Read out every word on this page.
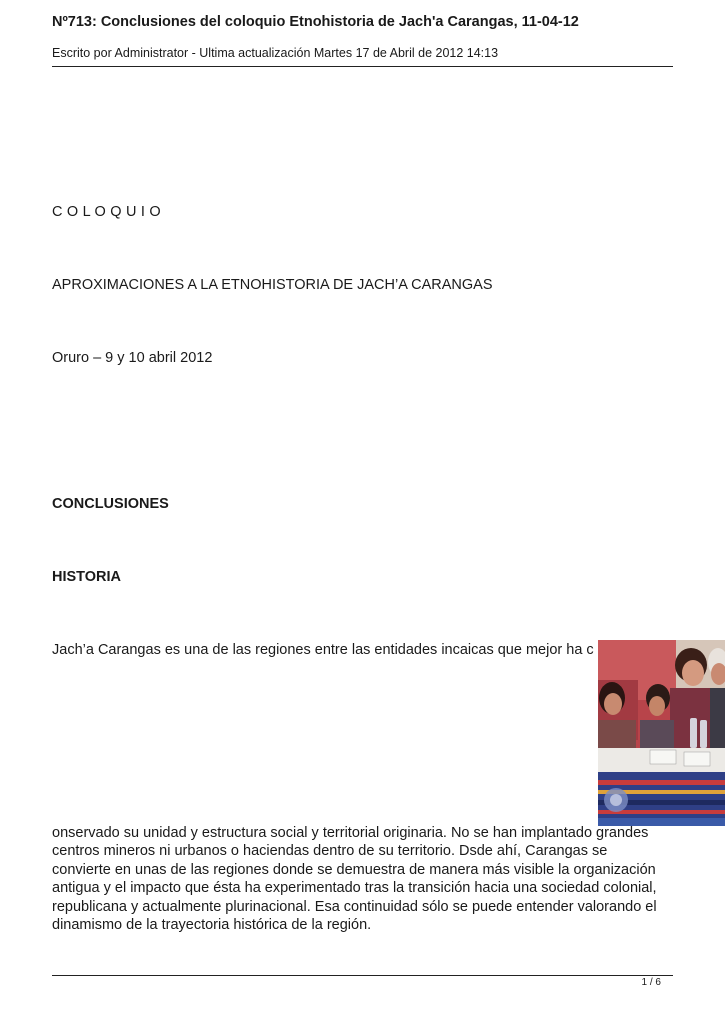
Nº713: Conclusiones del coloquio Etnohistoria de Jach'a Carangas, 11-04-12

Escrito por Administrator - Ultima actualización Martes 17 de Abril de 2012 14:13

C O L O Q U I O

APROXIMACIONES A LA ETNOHISTORIA DE JACH’A CARANGAS

Oruro – 9 y 10 abril 2012

CONCLUSIONES

HISTORIA

Jach’a Carangas es una de las regiones entre las entidades incaicas que mejor ha c

onservado su unidad y estructura social y territorial originaria. No se han implantado grandes
centros mineros ni urbanos o haciendas dentro de su territorio. Dsde ahí, Carangas se
convierte en unas de las regiones donde se demuestra de manera más visible la organización
antigua y el impacto que ésta ha experimentado tras la transición hacia una sociedad colonial,
republicana y actualmente plurinacional. Esa continuidad sólo se puede entender valorando el
dinamismo de la trayectoria histórica de la región.
1 / 6
